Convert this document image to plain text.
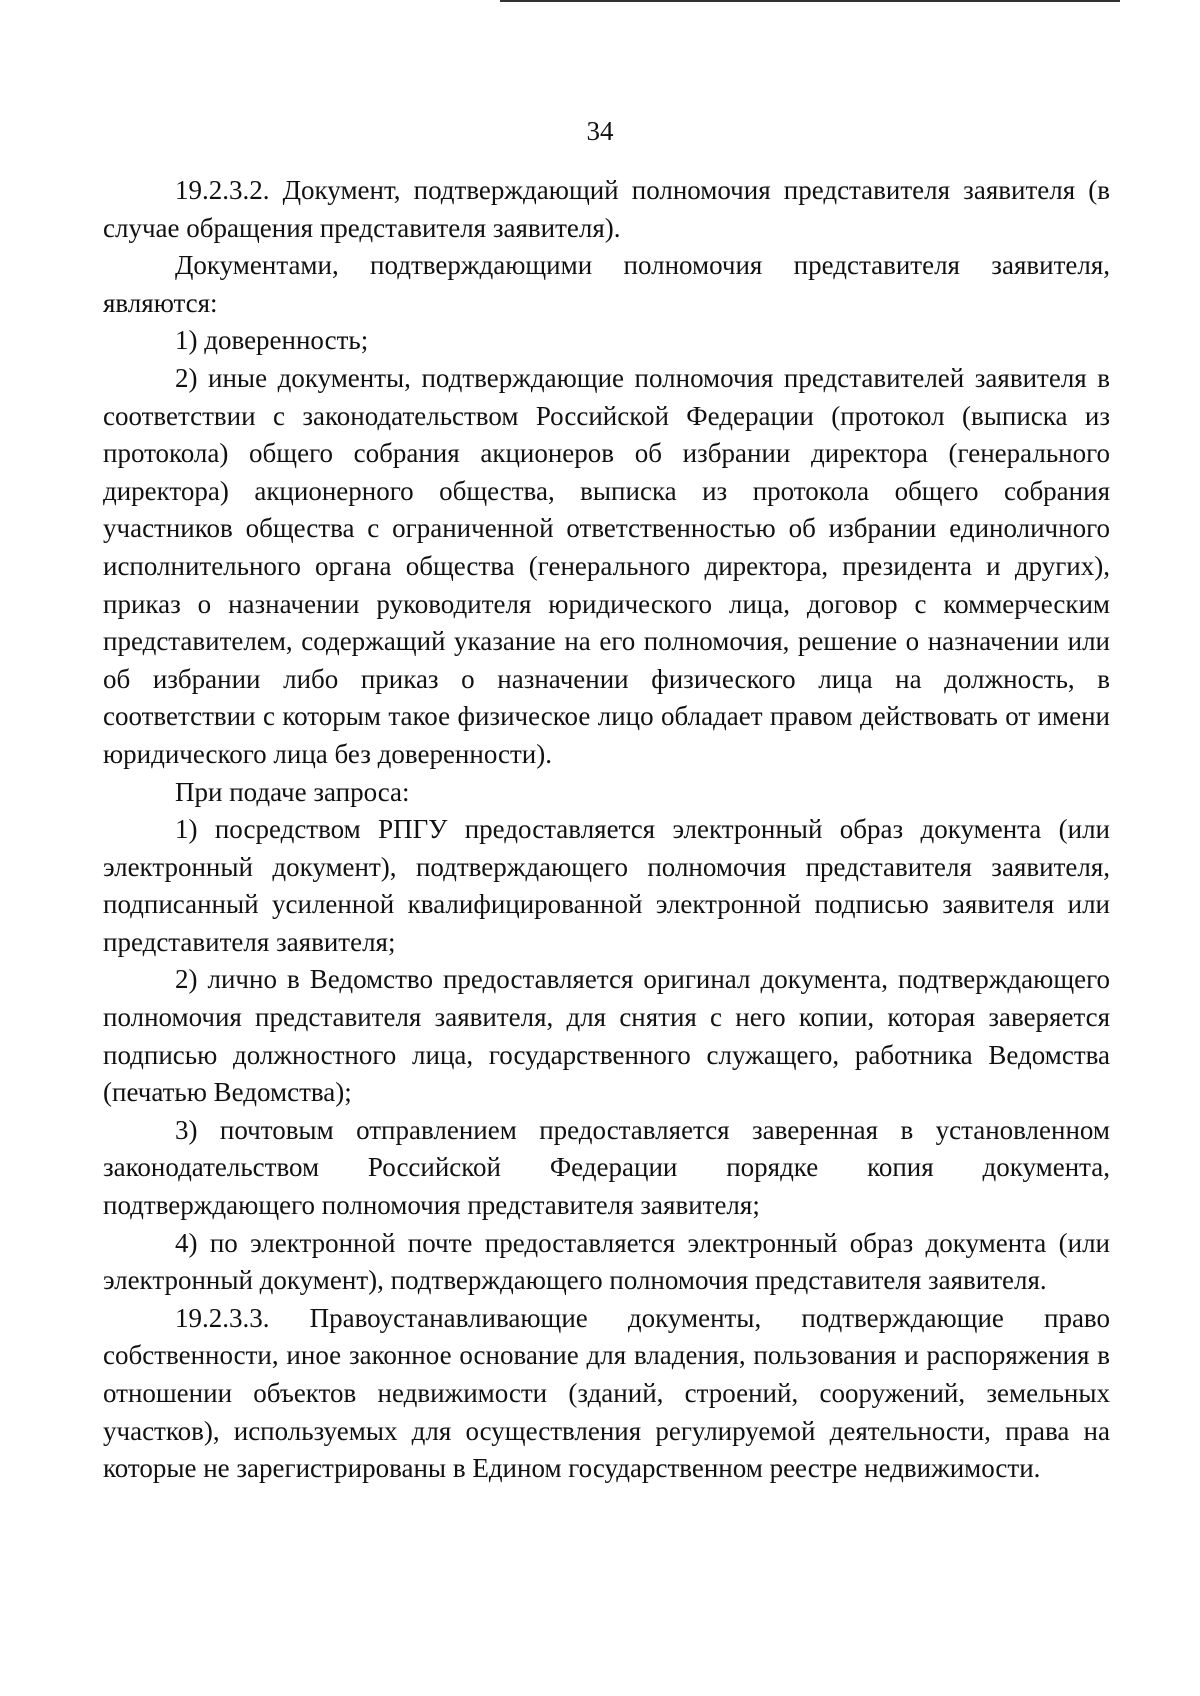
34

19.2.3.2. Документ, подтверждающий полномочия представителя заявителя (в случае обращения представителя заявителя).

Документами, подтверждающими полномочия представителя заявителя, являются:

1) доверенность;

2) иные документы, подтверждающие полномочия представителей заявителя в соответствии с законодательством Российской Федерации (протокол (выписка из протокола) общего собрания акционеров об избрании директора (генерального директора) акционерного общества, выписка из протокола общего собрания участников общества с ограниченной ответственностью об избрании единоличного исполнительного органа общества (генерального директора, президента и других), приказ о назначении руководителя юридического лица, договор с коммерческим представителем, содержащий указание на его полномочия, решение о назначении или об избрании либо приказ о назначении физического лица на должность, в соответствии с которым такое физическое лицо обладает правом действовать от имени юридического лица без доверенности).

При подаче запроса:

1) посредством РПГУ предоставляется электронный образ документа (или электронный документ), подтверждающего полномочия представителя заявителя, подписанный усиленной квалифицированной электронной подписью заявителя или представителя заявителя;

2) лично в Ведомство предоставляется оригинал документа, подтверждающего полномочия представителя заявителя, для снятия с него копии, которая заверяется подписью должностного лица, государственного служащего, работника Ведомства (печатью Ведомства);

3) почтовым отправлением предоставляется заверенная в установленном законодательством Российской Федерации порядке копия документа, подтверждающего полномочия представителя заявителя;

4) по электронной почте предоставляется электронный образ документа (или электронный документ), подтверждающего полномочия представителя заявителя.

19.2.3.3. Правоустанавливающие документы, подтверждающие право собственности, иное законное основание для владения, пользования и распоряжения в отношении объектов недвижимости (зданий, строений, сооружений, земельных участков), используемых для осуществления регулируемой деятельности, права на которые не зарегистрированы в Едином государственном реестре недвижимости.
